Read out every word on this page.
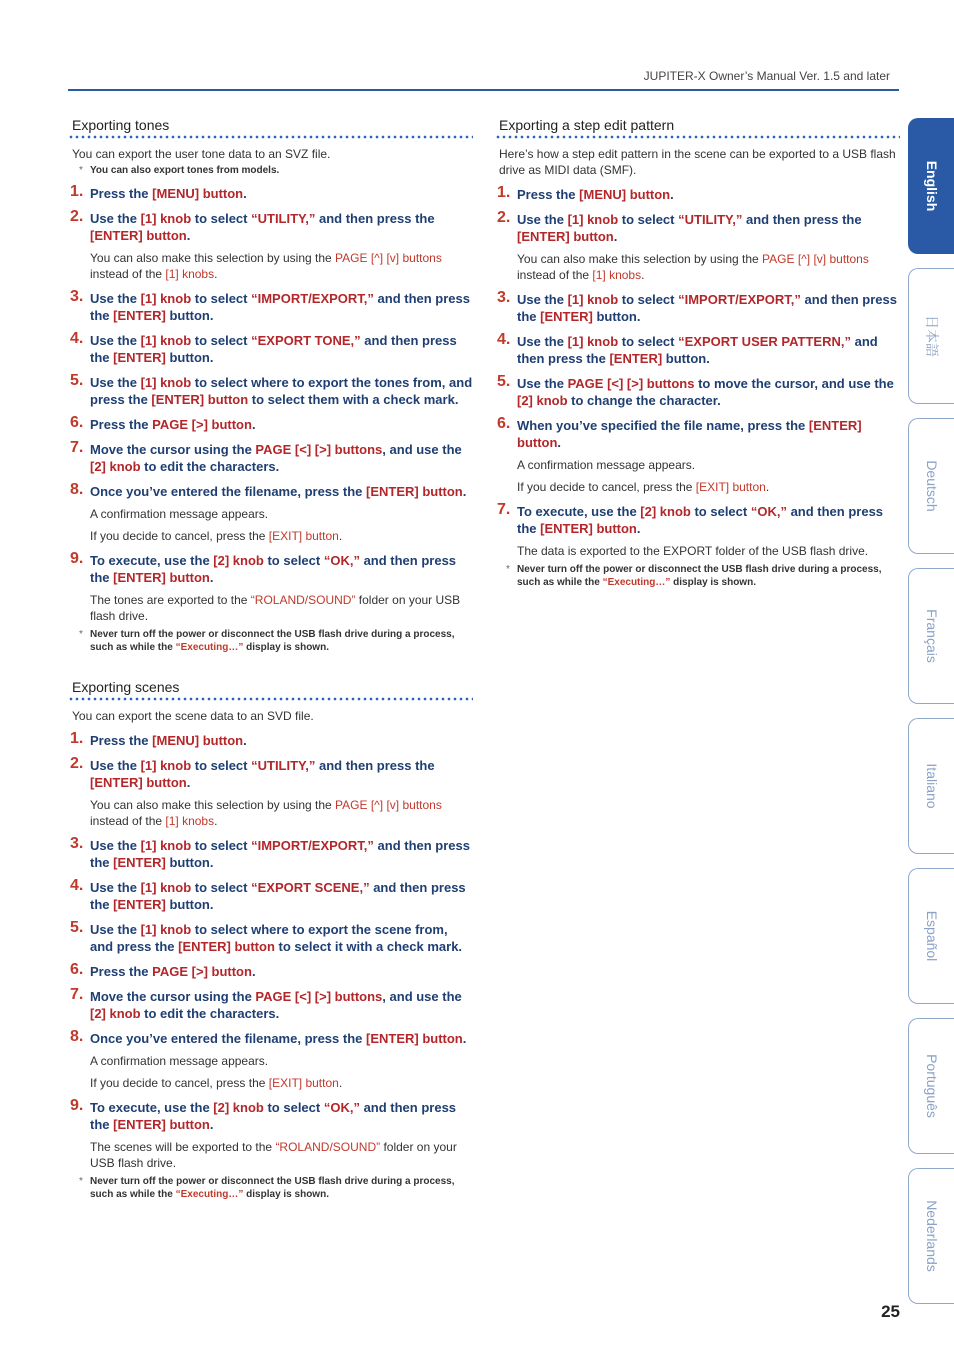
JUPITER-X Owner’s Manual Ver. 1.5 and later
Exporting tones

You can export the user tone data to an SVZ file.

* You can also export tones from models.
1. Press the [MENU] button.
2. Use the [1] knob to select “UTILITY,” and then press the [ENTER] button.

You can also make this selection by using the PAGE [^] [v] buttons instead of the [1] knobs.

3. Use the [1] knob to select “IMPORT/EXPORT,” and then press the [ENTER] button.
4. Use the [1] knob to select “EXPORT TONE,” and then press the [ENTER] button.
5. Use the [1] knob to select where to export the tones from, and press the [ENTER] button to select them with a check mark.
6. Press the PAGE [>] button.
7. Move the cursor using the PAGE [<] [>] buttons, and use the [2] knob to edit the characters.
8. Once you’ve entered the filename, press the [ENTER] button.

A confirmation message appears.

If you decide to cancel, press the [EXIT] button.

9. To execute, use the [2] knob to select “OK,” and then press the [ENTER] button.

The tones are exported to the “ROLAND/SOUND” folder on your USB flash drive.

* Never turn off the power or disconnect the USB flash drive during a process, such as while the “Executing…” display is shown.
Exporting scenes

You can export the scene data to an SVD file.

1. Press the [MENU] button.
2. Use the [1] knob to select “UTILITY,” and then press the [ENTER] button.

You can also make this selection by using the PAGE [^] [v] buttons instead of the [1] knobs.

3. Use the [1] knob to select “IMPORT/EXPORT,” and then press the [ENTER] button.
4. Use the [1] knob to select “EXPORT SCENE,” and then press the [ENTER] button.
5. Use the [1] knob to select where to export the scene from, and press the [ENTER] button to select it with a check mark.
6. Press the PAGE [>] button.
7. Move the cursor using the PAGE [<] [>] buttons, and use the [2] knob to edit the characters.
8. Once you’ve entered the filename, press the [ENTER] button.

A confirmation message appears.

If you decide to cancel, press the [EXIT] button.

9. To execute, use the [2] knob to select “OK,” and then press the [ENTER] button.

The scenes will be exported to the “ROLAND/SOUND” folder on your USB flash drive.

* Never turn off the power or disconnect the USB flash drive during a process, such as while the “Executing…” display is shown.
Exporting a step edit pattern

Here’s how a step edit pattern in the scene can be exported to a USB flash drive as MIDI data (SMF).

1. Press the [MENU] button.
2. Use the [1] knob to select “UTILITY,” and then press the [ENTER] button.

You can also make this selection by using the PAGE [^] [v] buttons instead of the [1] knobs.

3. Use the [1] knob to select “IMPORT/EXPORT,” and then press the [ENTER] button.
4. Use the [1] knob to select “EXPORT USER PATTERN,” and then press the [ENTER] button.
5. Use the PAGE [<] [>] buttons to move the cursor, and use the [2] knob to change the character.
6. When you’ve specified the file name, press the [ENTER] button.

A confirmation message appears.

If you decide to cancel, press the [EXIT] button.

7. To execute, use the [2] knob to select “OK,” and then press the [ENTER] button.

The data is exported to the EXPORT folder of the USB flash drive.

* Never turn off the power or disconnect the USB flash drive during a process, such as while the “Executing…” display is shown.
English
日本語
Deutsch
Français
Italiano
Español
Português
Nederlands
25
